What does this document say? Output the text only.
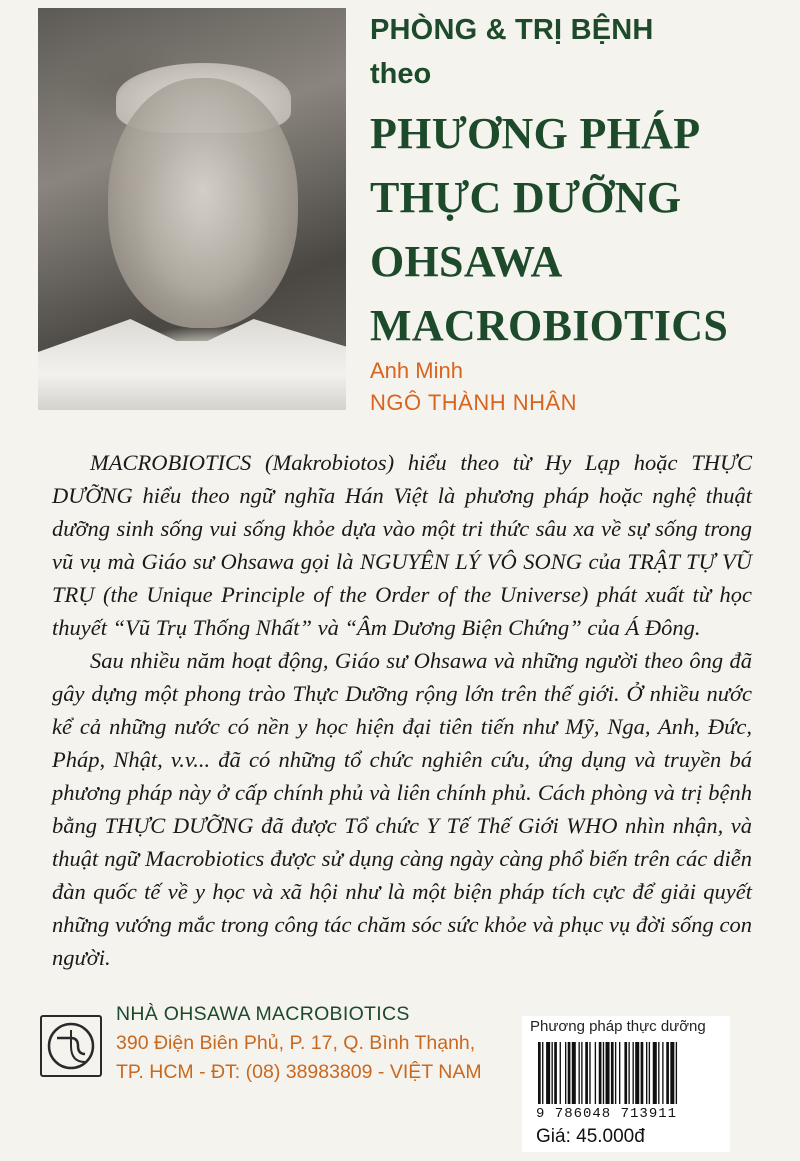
PHÒNG & TRỊ BỆNH
theo
PHƯƠNG PHÁP
THỰC DƯỠNG
OHSAWA
MACROBIOTICS
Anh Minh
NGÔ THÀNH NHÂN

MACROBIOTICS (Makrobiotos) hiểu theo từ Hy Lạp hoặc THỰC DƯỠNG hiểu theo ngữ nghĩa Hán Việt là phương pháp hoặc nghệ thuật dưỡng sinh sống vui sống khỏe dựa vào một tri thức sâu xa về sự sống trong vũ vụ mà Giáo sư Ohsawa gọi là NGUYÊN LÝ VÔ SONG của TRẬT TỰ VŨ TRỤ (the Unique Principle of the Order of the Universe) phát xuất từ học thuyết “Vũ Trụ Thống Nhất” và “Âm Dương Biện Chứng” của Á Đông.

Sau nhiều năm hoạt động, Giáo sư Ohsawa và những người theo ông đã gây dựng một phong trào Thực Dưỡng rộng lớn trên thế giới. Ở nhiều nước kể cả những nước có nền y học hiện đại tiên tiến như Mỹ, Nga, Anh, Đức, Pháp, Nhật, v.v... đã có những tổ chức nghiên cứu, ứng dụng và truyền bá phương pháp này ở cấp chính phủ và liên chính phủ. Cách phòng và trị bệnh bằng THỰC DƯỠNG đã được Tổ chức Y Tế Thế Giới WHO nhìn nhận, và thuật ngữ Macrobiotics được sử dụng càng ngày càng phổ biến trên các diễn đàn quốc tế về y học và xã hội như là một biện pháp tích cực để giải quyết những vướng mắc trong công tác chăm sóc sức khỏe và phục vụ đời sống con người.

NHÀ OHSAWA MACROBIOTICS
390 Điện Biên Phủ, P. 17, Q. Bình Thạnh,
TP. HCM - ĐT: (08) 38983809 - VIỆT NAM
Phương pháp thực dưỡng
9 786048 713911
Giá: 45.000đ
